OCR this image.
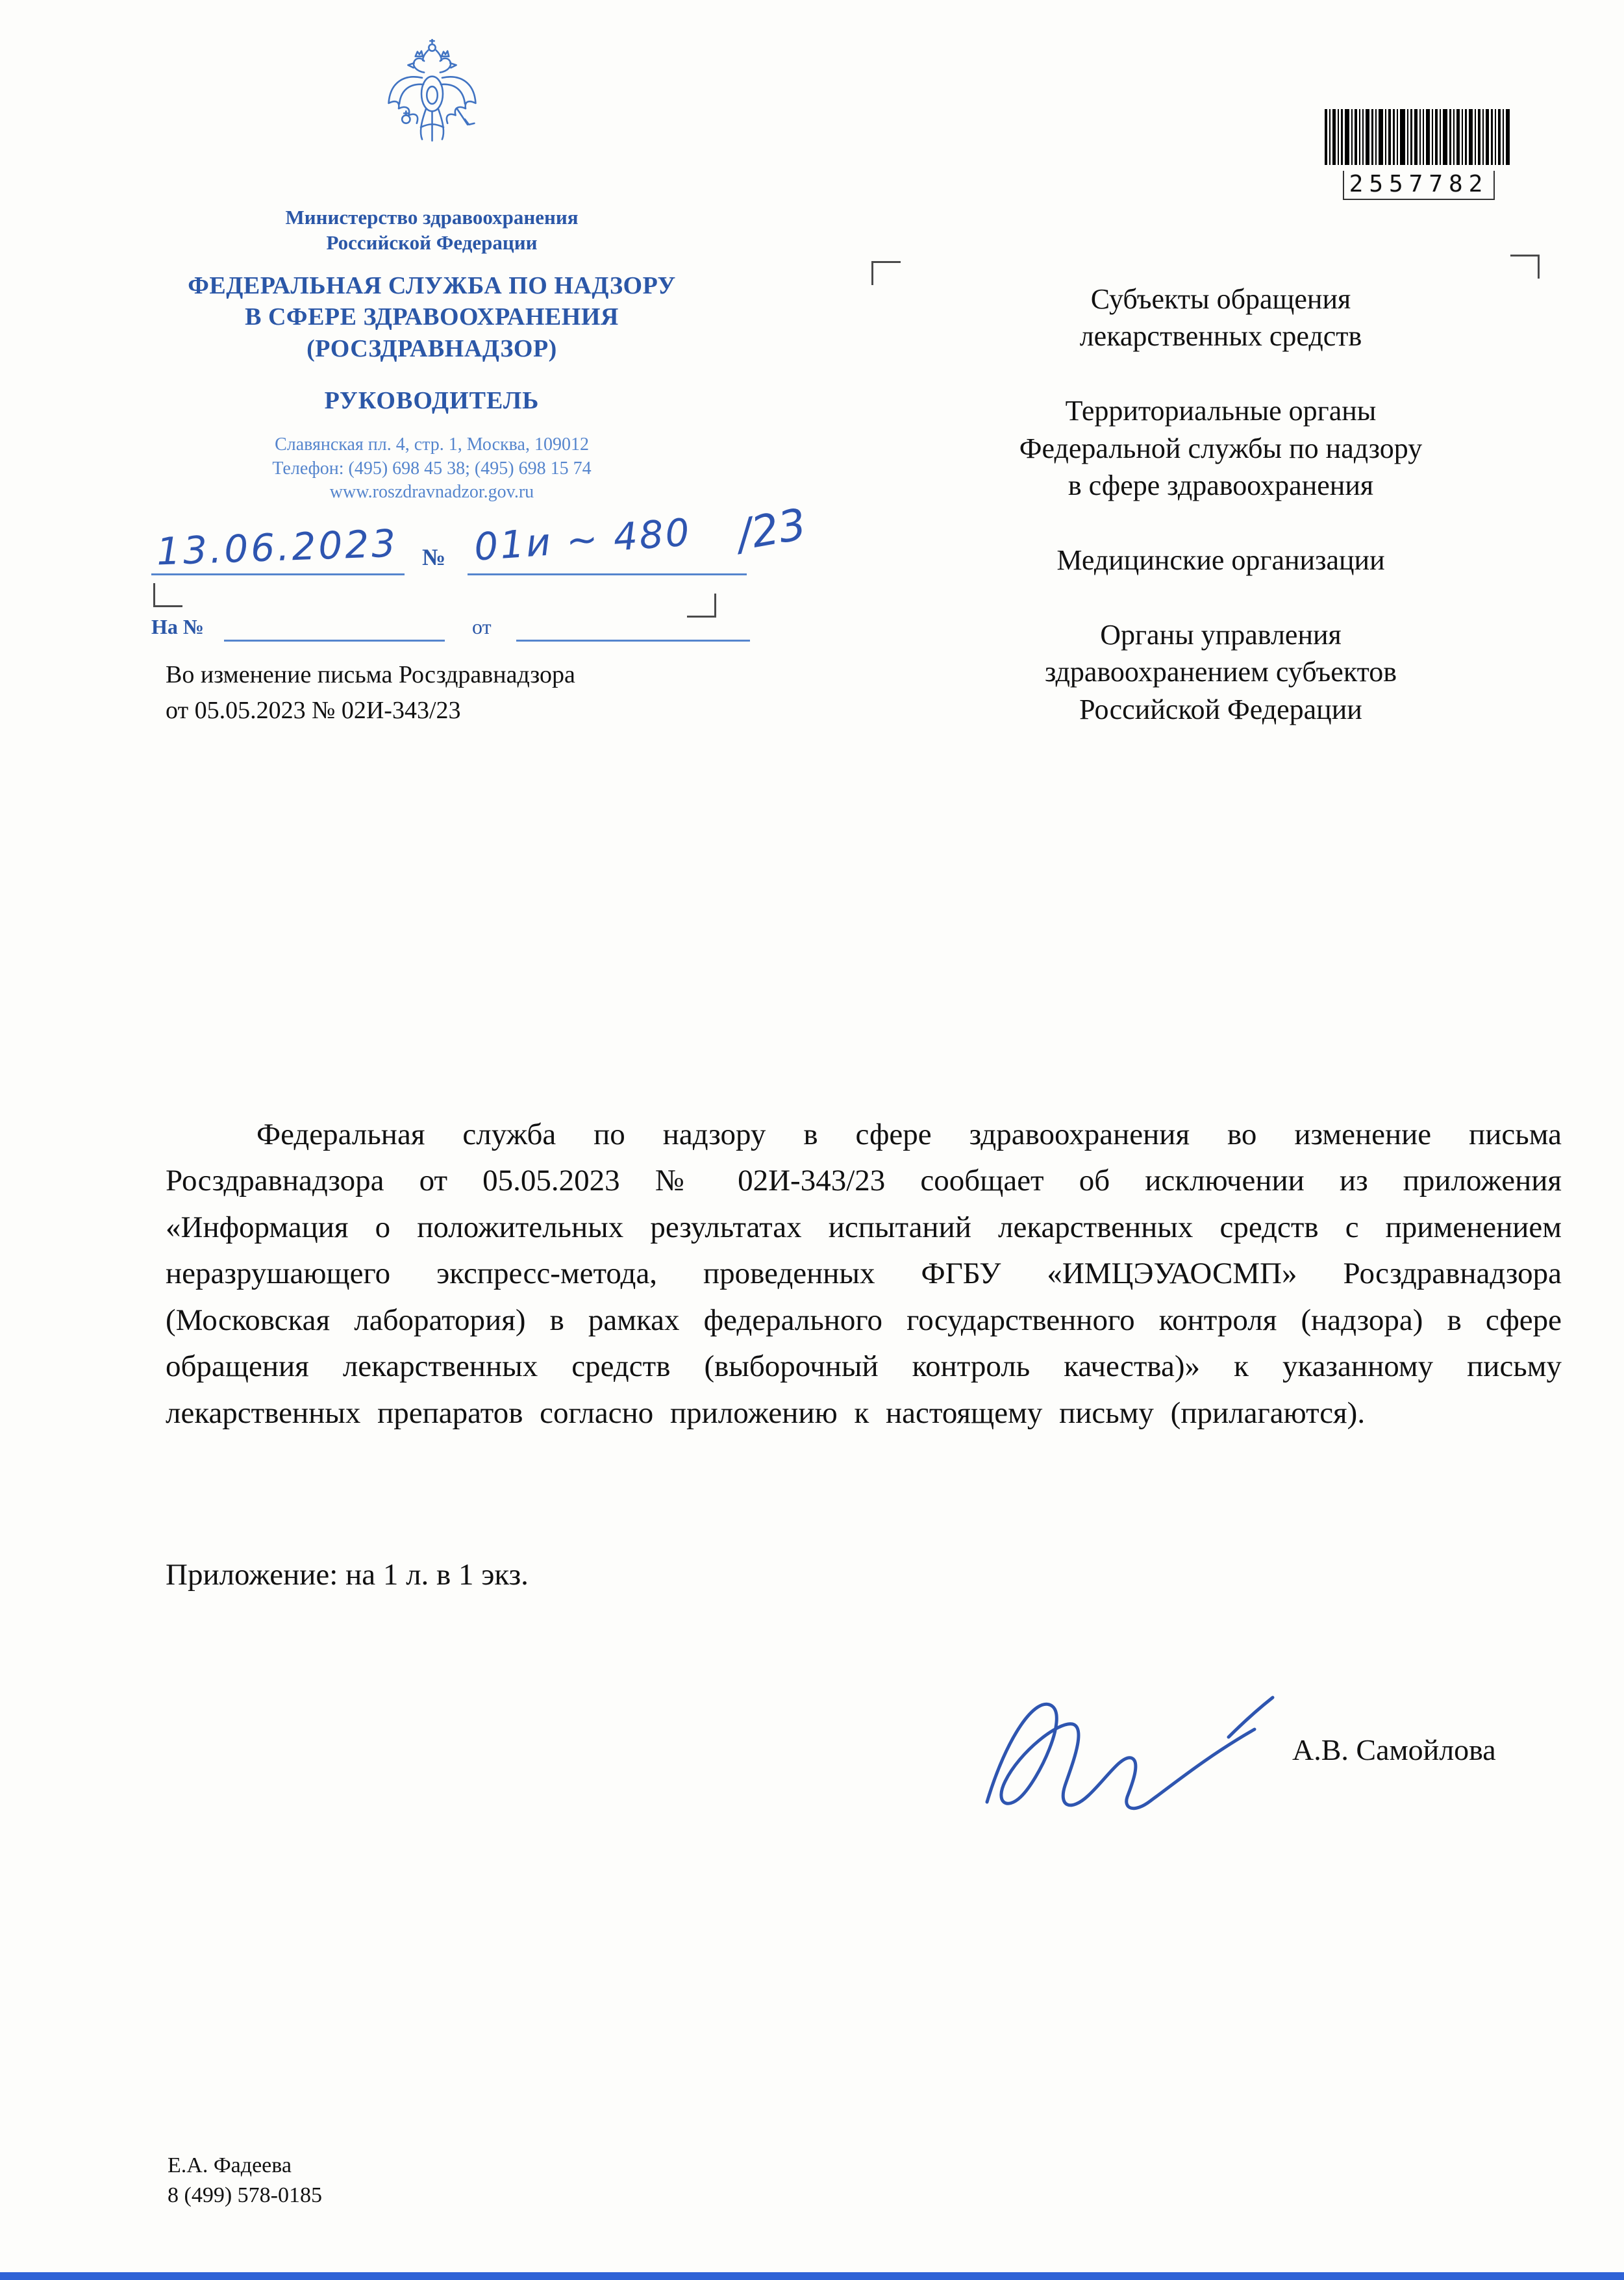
Министерство здравоохранения
Российской Федерации
ФЕДЕРАЛЬНАЯ СЛУЖБА ПО НАДЗОРУ
В СФЕРЕ ЗДРАВООХРАНЕНИЯ
(РОСЗДРАВНАДЗОР)
РУКОВОДИТЕЛЬ
Славянская пл. 4, стр. 1, Москва, 109012
Телефон: (495) 698 45 38; (495) 698 15 74
www.roszdravnadzor.gov.ru
№
13.06.2023 01и ~ 480 /23
На №	от
2557782
Субъекты обращения
лекарственных средств
Территориальные органы
Федеральной службы по надзору
в сфере здравоохранения
Медицинские организации
Органы управления
здравоохранением субъектов
Российской Федерации
Во изменение письма Росздравнадзора
от 05.05.2023 № 02И-343/23

Федеральная служба по надзору в сфере здравоохранения во изменение письма Росздравнадзора от 05.05.2023 № 02И-343/23 сообщает об исключении из приложения «Информация о положительных результатах испытаний лекарственных средств с применением неразрушающего экспресс-метода, проведенных ФГБУ «ИМЦЭУАОСМП» Росздравнадзора (Московская лаборатория) в рамках федерального государственного контроля (надзора) в сфере обращения лекарственных средств (выборочный контроль качества)» к указанному письму лекарственных препаратов согласно приложению к настоящему письму (прилагаются).

Приложение: на 1 л. в 1 экз.
А.В. Самойлова
Е.А. Фадеева
8 (499) 578-0185
